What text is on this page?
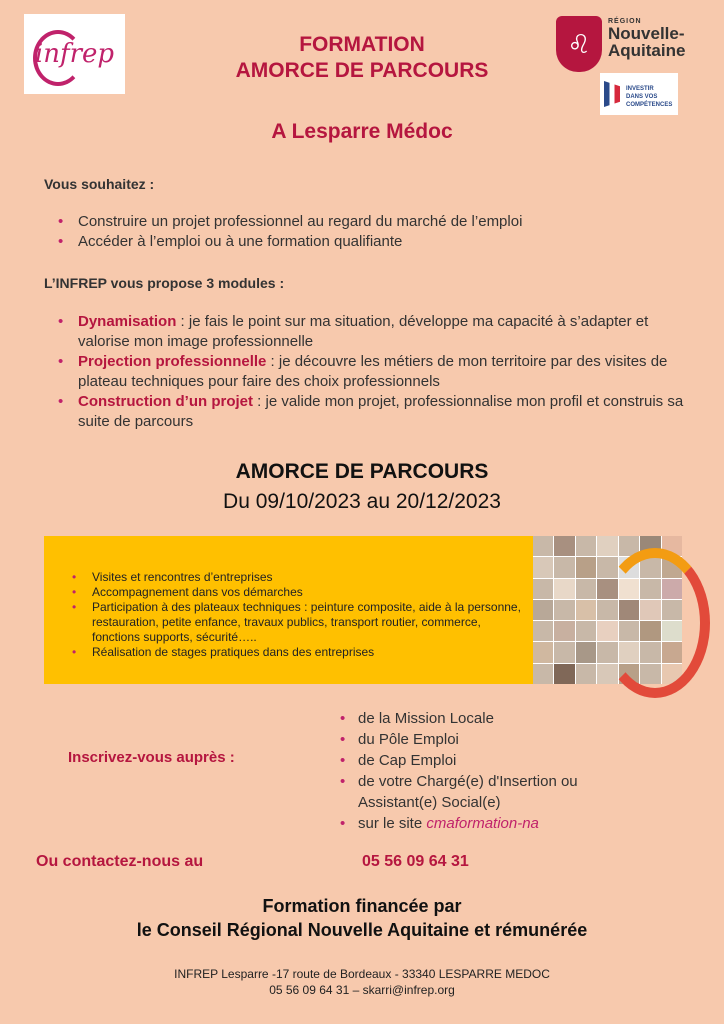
infrep	♌︎
RÉGION
Nouvelle-
Aquitaine
INVESTIR
DANS VOS
COMPÉTENCES
FORMATION
AMORCE DE PARCOURS
A Lesparre Médoc
Vous souhaitez :
• Construire un projet professionnel au regard du marché de l’emploi
• Accéder à l’emploi ou à une formation qualifiante
L’INFREP vous propose 3 modules :
• Dynamisation : je fais le point sur ma situation, développe ma capacité à s’adapter et valorise mon image professionnelle
• Projection professionnelle : je découvre les métiers de mon territoire par des visites de plateau techniques pour faire des choix professionnels
• Construction d’un projet : je valide mon projet, professionnalise mon profil et construis sa suite de parcours
AMORCE DE PARCOURS
Du 09/10/2023 au 20/12/2023
• Visites et rencontres d’entreprises
• Accompagnement dans vos démarches
• Participation à des plateaux techniques : peinture composite, aide à la personne, restauration, petite enfance, travaux publics, transport routier, commerce, fonctions supports, sécurité…..
• Réalisation de stages pratiques dans des entreprises
Inscrivez-vous auprès :
• de la Mission Locale
• du Pôle Emploi
• de Cap Emploi
• de votre Chargé(e) d'Insertion ou Assistant(e) Social(e)
• sur le site cmaformation-na
Ou contactez-nous au	05 56 09 64 31
Formation financée par
le Conseil Régional Nouvelle Aquitaine et rémunérée
INFREP Lesparre -17 route de Bordeaux - 33340 LESPARRE MEDOC
05 56 09 64 31 – skarri@infrep.org
